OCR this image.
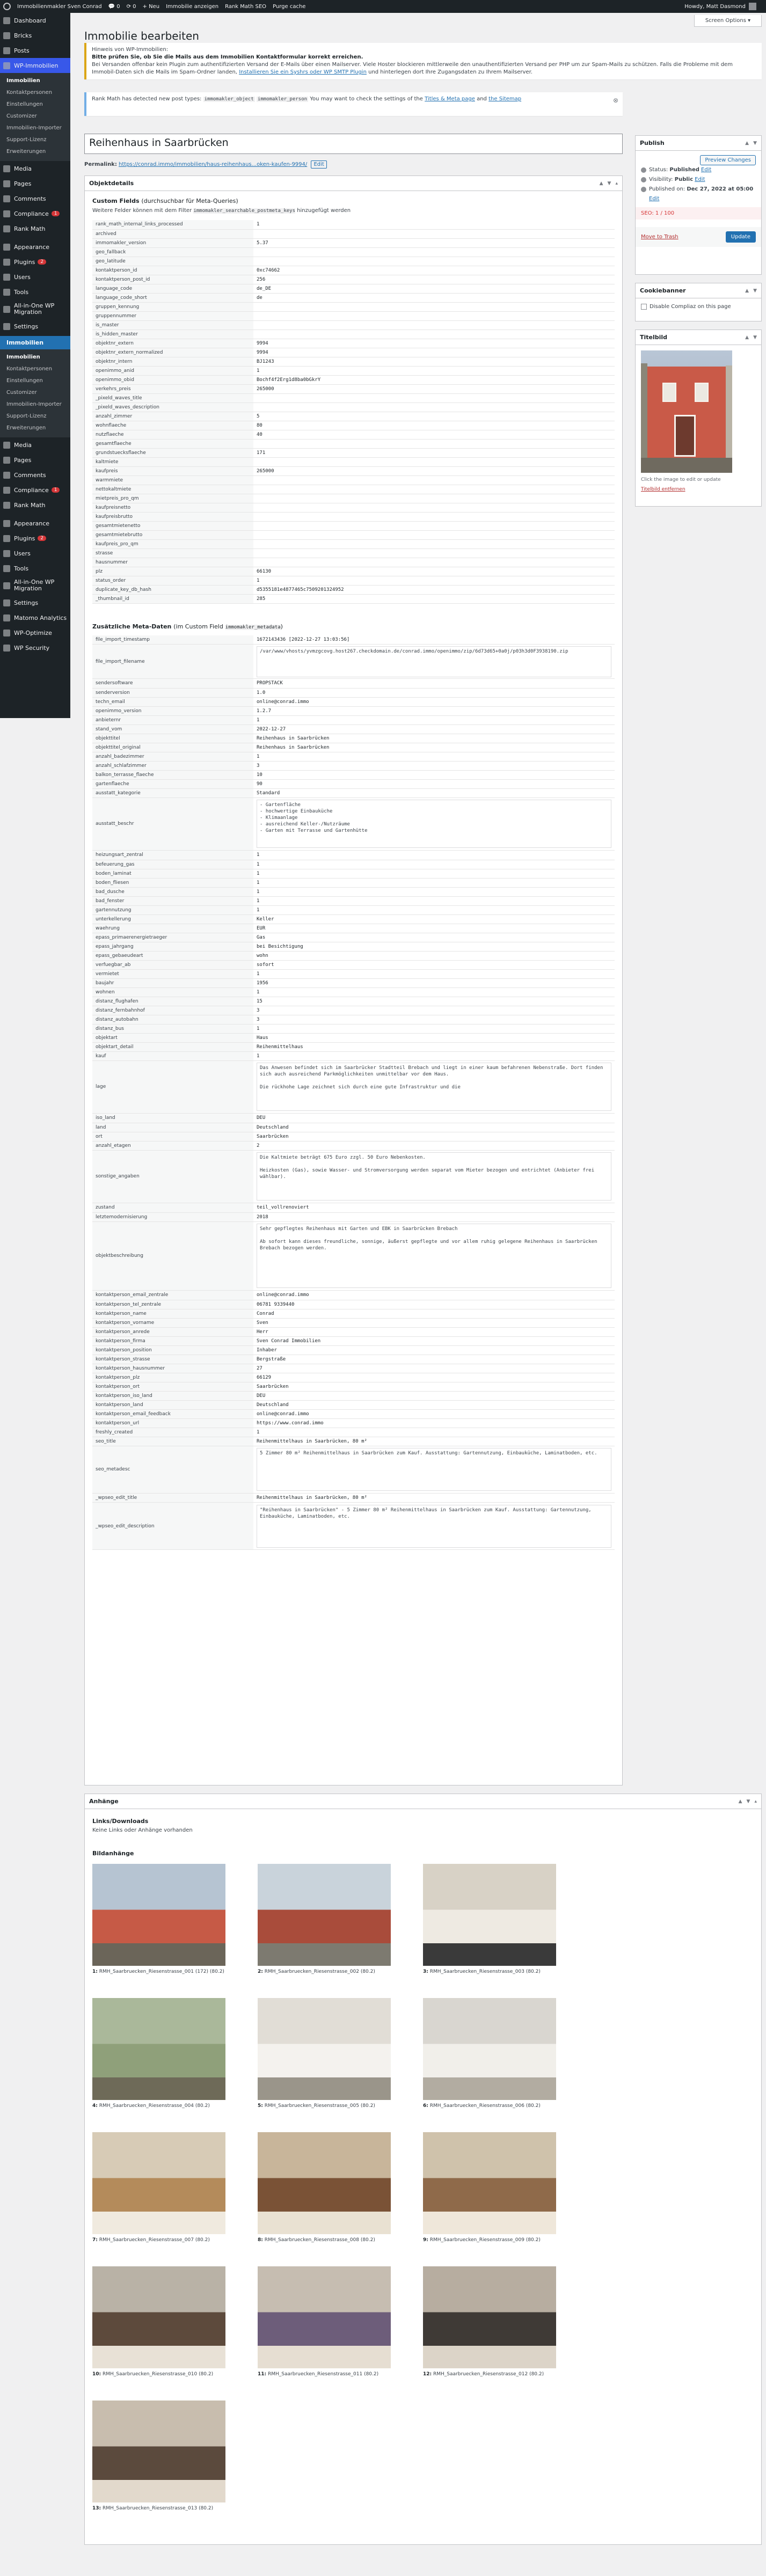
Immobilienmakler Sven Conrad 💬 0 ⟳ 0 + Neu Immobilie anzeigen Rank Math SEO Purge cache	Howdy, Matt Dasmond
Dashboard
Bricks
Posts
WP-Immobilien
Immobilien
Kontaktpersonen
Einstellungen
Customizer
Immobilien-Importer
Support-Lizenz
Erweiterungen
Media
Pages
Comments
Compliance	1
Rank Math
Appearance
Plugins	2
Users
Tools
All-in-One WP Migration
Settings
Immobilien
Immobilien
Kontaktpersonen
Einstellungen
Customizer
Immobilien-Importer
Support-Lizenz
Erweiterungen
Media
Pages
Comments
Compliance	1
Rank Math
Appearance
Plugins	2
Users
Tools
All-in-One WP Migration
Settings
Matomo Analytics
WP-Optimize
WP Security
Screen Options ▾
Immobilie bearbeiten
Hinweis von WP-Immobilien:
Bitte prüfen Sie, ob Sie die Mails aus dem Immobilien Kontaktformular korrekt erreichen.
Bei Versanden offenbar kein Plugin zum authentifizierten Versand der E-Mails über einen Mailserver. Viele Hoster blockieren mittlerweile den unauthentifizierten Versand per PHP um zur Spam-Mails zu schützen. Falls die Probleme mit dem Immobil-Daten sich die Mails im Spam-Ordner landen, Installieren Sie ein Syshrs oder WP SMTP Plugin und hinterlegen dort Ihre Zugangsdaten zu Ihrem Mailserver.
Rank Math has detected new post types: immomakler_object immomakler_person You may want to check the settings of the Titles & Meta page and the Sitemap	⊗
Reihenhaus in Saarbrücken
Permalink: https://conrad.immo/immobilien/haus-reihenhaus...oken-kaufen-9994/ Edit
Objektdetails	▲ ▼ ▴
Custom Fields (durchsuchbar für Meta-Queries)
Weitere Felder können mit dem Filter immomakler_searchable_postmeta_keys hinzugefügt werden
rank_math_internal_links_processed	1
archived	
immomakler_version	5.37
geo_fallback	
geo_latitude	
kontaktperson_id	0xc74662
kontaktperson_post_id	256
language_code	de_DE
language_code_short	de
gruppen_kennung	
gruppennummer	
is_master	
is_hidden_master	
objektnr_extern	9994
objektnr_extern_normalized	9994
objektnr_intern	BJ1243
openimmo_anid	1
openimmo_obid	Bochf4f2Erg1d8ba0bGkrY
verkehrs_preis	265000
_pixeld_waves_title	
_pixeld_waves_description	
anzahl_zimmer	5
wohnflaeche	80
nutzflaeche	40
gesamtflaeche	
grundstuecksflaeche	171
kaltmiete	
kaufpreis	265000
warmmiete	
nettokaltmiete	
mietpreis_pro_qm	
kaufpreisnetto	
kaufpreisbrutto	
gesamtmietenetto	
gesamtmietebrutto	
kaufpreis_pro_qm	
strasse	
hausnummer	
plz	66130
status_order	1
duplicate_key_db_hash	d5355181e4877465c7509201324952
_thumbnail_id	285
Zusätzliche Meta-Daten (im Custom Field immomakler_metadata)
file_import_timestamp	1672143436 [2022-12-27 13:03:56]
file_import_filename	/var/www/vhosts/yvmzgcovg.host267.checkdomain.de/conrad.immo/openimmo/zip/6d73d65+0a0j/p03h3d0F3938190.zip
sendersoftware	PROPSTACK
senderversion	1.0
techn_email	online@conrad.immo
openimmo_version	1.2.7
anbieternr	1
stand_vom	2022-12-27
objekttitel	Reihenhaus in Saarbrücken
objekttitel_original	Reihenhaus in Saarbrücken
anzahl_badezimmer	1
anzahl_schlafzimmer	3
balkon_terrasse_flaeche	10
gartenflaeche	90
ausstatt_kategorie	Standard
ausstatt_beschr	
- Gartenfläche
- hochwertige Einbauküche
- Klimaanlage
- ausreichend Keller-/Nutzräume
- Garten mit Terrasse und Gartenhütte
heizungsart_zentral	1
befeuerung_gas	1
boden_laminat	1
boden_fliesen	1
bad_dusche	1
bad_fenster	1
gartennutzung	1
unterkellerung	Keller
waehrung	EUR
epass_primaerenergietraeger	Gas
epass_jahrgang	bei Besichtigung
epass_gebaeudeart	wohn
verfuegbar_ab	sofort
vermietet	1
baujahr	1956
wohnen	1
distanz_flughafen	15
distanz_fernbahnhof	3
distanz_autobahn	3
distanz_bus	1
objektart	Haus
objektart_detail	Reihenmittelhaus
kauf	1
lage	
Das Anwesen befindet sich im Saarbrücker Stadtteil Brebach und liegt in einer kaum befahrenen Nebenstraße. Dort finden sich auch ausreichend Parkmöglichkeiten unmittelbar vor dem Haus.

Die rückhohe Lage zeichnet sich durch eine gute Infrastruktur und die
iso_land	DEU
land	Deutschland
ort	Saarbrücken
anzahl_etagen	2
sonstige_angaben	
Die Kaltmiete beträgt 675 Euro zzgl. 50 Euro Nebenkosten.

Heizkosten (Gas), sowie Wasser- und Stromversorgung werden separat vom Mieter bezogen und entrichtet (Anbieter frei wählbar).
zustand	teil_vollrenoviert
letztemodernisierung	2018
objektbeschreibung	
Sehr gepflegtes Reihenhaus mit Garten und EBK in Saarbrücken Brebach

Ab sofort kann dieses freundliche, sonnige, äußerst gepflegte und vor allem ruhig gelegene Reihenhaus in Saarbrücken Brebach bezogen werden.
kontaktperson_email_zentrale	online@conrad.immo
kontaktperson_tel_zentrale	06781 9339440
kontaktperson_name	Conrad
kontaktperson_vorname	Sven
kontaktperson_anrede	Herr
kontaktperson_firma	Sven Conrad Immobilien
kontaktperson_position	Inhaber
kontaktperson_strasse	Bergstraße
kontaktperson_hausnummer	27
kontaktperson_plz	66129
kontaktperson_ort	Saarbrücken
kontaktperson_iso_land	DEU
kontaktperson_land	Deutschland
kontaktperson_email_feedback	online@conrad.immo
kontaktperson_url	https://www.conrad.immo
freshly_created	1
seo_title	Reihenmittelhaus in Saarbrücken, 80 m²
seo_metadesc	5 Zimmer 80 m² Reihenmittelhaus in Saarbrücken zum Kauf. Ausstattung: Gartennutzung, Einbauküche, Laminatboden, etc.

_wpseo_edit_title	Reihenmittelhaus in Saarbrücken, 80 m²
_wpseo_edit_description	"Reihenhaus in Saarbrücken" - 5 Zimmer 80 m² Reihenmittelhaus in Saarbrücken zum Kauf. Ausstattung: Gartennutzung, Einbauküche, Laminatboden, etc.
Publish	▲ ▼
Preview Changes
Status:
Published Edit
Visibility:
Public Edit
Published on:
Dec 27, 2022 at 05:00
Edit
SEO: 1 / 100
Move to Trash	Update
Cookiebanner	▲ ▼
Disable Compliaz on this page
Titelbild	▲ ▼
Click the image to edit or update
Titelbild entfernen
Anhänge	▲ ▼ ▴
Links/Downloads
Keine Links oder Anhänge vorhanden
Bildanhänge
1: RMH_Saarbruecken_Riesenstrasse_001 (172) (80.2)	2: RMH_Saarbruecken_Riesenstrasse_002 (80.2)	3: RMH_Saarbruecken_Riesenstrasse_003 (80.2)
4: RMH_Saarbruecken_Riesenstrasse_004 (80.2)	5: RMH_Saarbruecken_Riesenstrasse_005 (80.2)	6: RMH_Saarbruecken_Riesenstrasse_006 (80.2)
7: RMH_Saarbruecken_Riesenstrasse_007 (80.2)	8: RMH_Saarbruecken_Riesenstrasse_008 (80.2)	9: RMH_Saarbruecken_Riesenstrasse_009 (80.2)
10: RMH_Saarbruecken_Riesenstrasse_010 (80.2)	11: RMH_Saarbruecken_Riesenstrasse_011 (80.2)	12: RMH_Saarbruecken_Riesenstrasse_012 (80.2)
13: RMH_Saarbruecken_Riesenstrasse_013 (80.2)
